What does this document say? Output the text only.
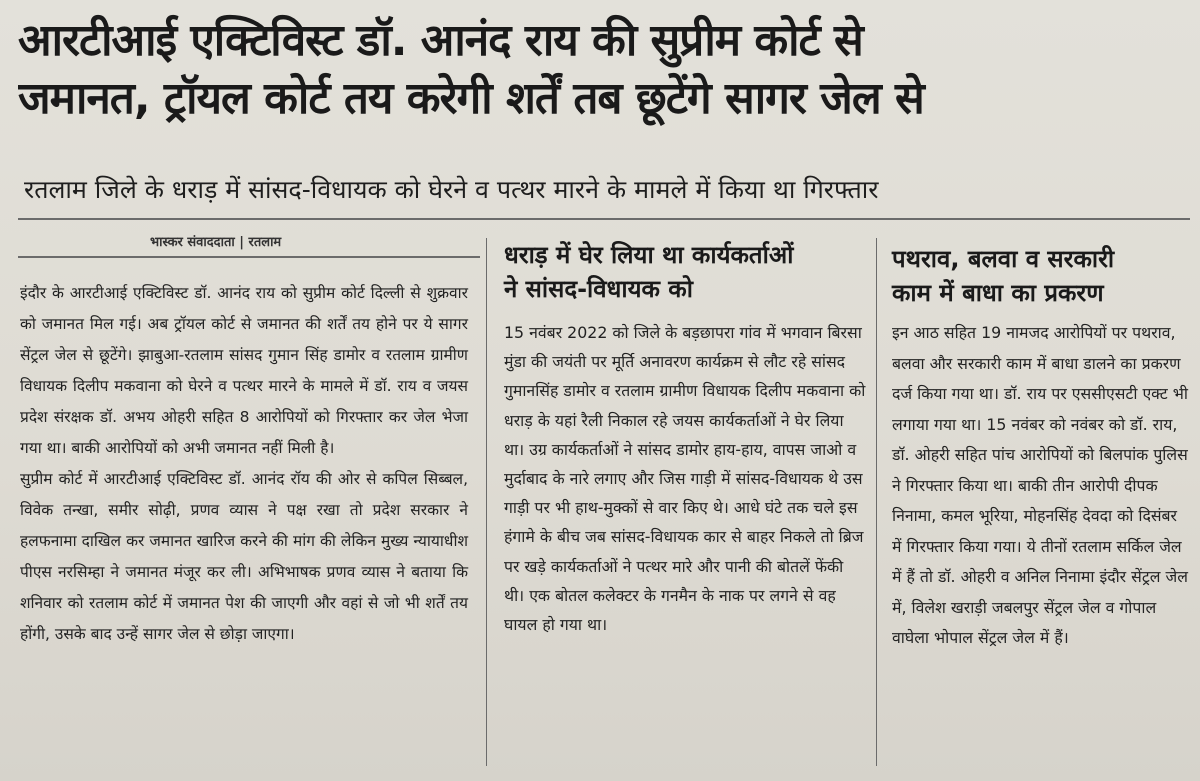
आरटीआई एक्टिविस्ट डॉ. आनंद राय की सुप्रीम कोर्ट से
जमानत, ट्रॉयल कोर्ट तय करेगी शर्तें तब छूटेंगे सागर जेल से
रतलाम जिले के धराड़ में सांसद-विधायक को घेरने व पत्थर मारने के मामले में किया था गिरफ्तार
भास्कर संवाददाता | रतलाम

इंदौर के आरटीआई एक्टिविस्ट डॉ. आनंद राय को सुप्रीम कोर्ट दिल्ली से शुक्रवार को जमानत मिल गई। अब ट्रॉयल कोर्ट से जमानत की शर्तें तय होने पर ये सागर सेंट्रल जेल से छूटेंगे। झाबुआ-रतलाम सांसद गुमान सिंह डामोर व रतलाम ग्रामीण विधायक दिलीप मकवाना को घेरने व पत्थर मारने के मामले में डॉ. राय व जयस प्रदेश संरक्षक डॉ. अभय ओहरी सहित 8 आरोपियों को गिरफ्तार कर जेल भेजा गया था। बाकी आरोपियों को अभी जमानत नहीं मिली है।

सुप्रीम कोर्ट में आरटीआई एक्टिविस्ट डॉ. आनंद रॉय की ओर से कपिल सिब्बल, विवेक तन्खा, समीर सोढ़ी, प्रणव व्यास ने पक्ष रखा तो प्रदेश सरकार ने हलफनामा दाखिल कर जमानत खारिज करने की मांग की लेकिन मुख्य न्यायाधीश पीएस नरसिम्हा ने जमानत मंजूर कर ली। अभिभाषक प्रणव व्यास ने बताया कि शनिवार को रतलाम कोर्ट में जमानत पेश की जाएगी और वहां से जो भी शर्तें तय होंगी, उसके बाद उन्हें सागर जेल से छोड़ा जाएगा।

धराड़ में घेर लिया था कार्यकर्ताओं
ने सांसद-विधायक को
15 नवंबर 2022 को जिले के बड़छापरा गांव में भगवान बिरसा मुंडा की जयंती पर मूर्ति अनावरण कार्यक्रम से लौट रहे सांसद गुमानसिंह डामोर व रतलाम ग्रामीण विधायक दिलीप मकवाना को धराड़ के यहां रैली निकाल रहे जयस कार्यकर्ताओं ने घेर लिया था। उग्र कार्यकर्ताओं ने सांसद डामोर हाय-हाय, वापस जाओ व मुर्दाबाद के नारे लगाए और जिस गाड़ी में सांसद-विधायक थे उस गाड़ी पर भी हाथ-मुक्कों से वार किए थे। आधे घंटे तक चले इस हंगामे के बीच जब सांसद-विधायक कार से बाहर निकले तो ब्रिज पर खड़े कार्यकर्ताओं ने पत्थर मारे और पानी की बोतलें फेंकी थी। एक बोतल कलेक्टर के गनमैन के नाक पर लगने से वह घायल हो गया था।
पथराव, बलवा व सरकारी
काम में बाधा का प्रकरण
इन आठ सहित 19 नामजद आरोपियों पर पथराव, बलवा और सरकारी काम में बाधा डालने का प्रकरण दर्ज किया गया था। डॉ. राय पर एससीएसटी एक्ट भी लगाया गया था। 15 नवंबर को नवंबर को डॉ. राय, डॉ. ओहरी सहित पांच आरोपियों को बिलपांक पुलिस ने गिरफ्तार किया था। बाकी तीन आरोपी दीपक निनामा, कमल भूरिया, मोहनसिंह देवदा को दिसंबर में गिरफ्तार किया गया। ये तीनों रतलाम सर्किल जेल में हैं तो डॉ. ओहरी व अनिल निनामा इंदौर सेंट्रल जेल में, विलेश खराड़ी जबलपुर सेंट्रल जेल व गोपाल वाघेला भोपाल सेंट्रल जेल में हैं।
